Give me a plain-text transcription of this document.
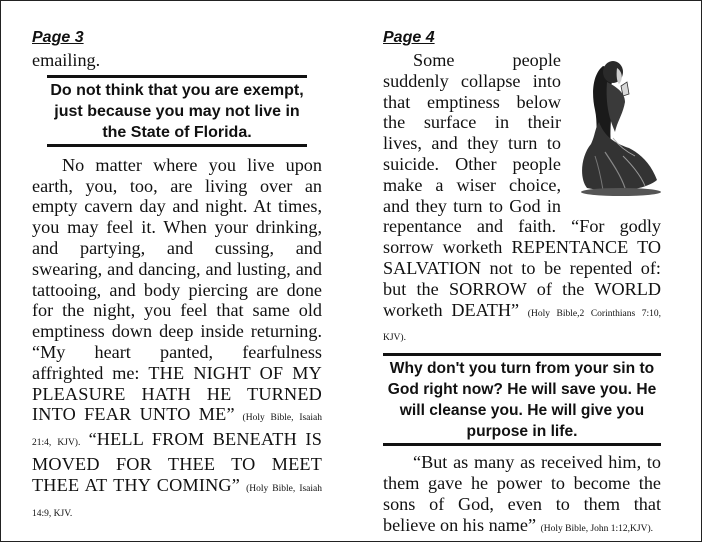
Page 3

emailing.

Do not think that you are exempt, just because you may not live in the State of Florida.

No matter where you live upon earth, you, too, are living over an empty cavern day and night. At times, you may feel it. When your drinking, and partying, and cussing, and swearing, and dancing, and lusting, and tattooing, and body piercing are done for the night, you feel that same old emptiness down deep inside returning. “My heart panted, fearfulness affrighted me: THE NIGHT OF MY PLEASURE HATH HE TURNED INTO FEAR UNTO ME” (Holy Bible, Isaiah 21:4, KJV). “HELL FROM BENEATH IS MOVED FOR THEE TO MEET THEE AT THY COMING” (Holy Bible, Isaiah 14:9, KJV.

Page 4

Some people suddenly collapse into that emptiness below the surface in their lives, and they turn to suicide. Other people make a wiser choice, and they turn to God in repentance and faith. “For godly sorrow worketh REPENTANCE TO SALVATION not to be repented of: but the SORROW of the WORLD worketh DEATH” (Holy Bible,2 Corinthians 7:10, KJV).

Why don't you turn from your sin to God right now? He will save you. He will cleanse you. He will give you purpose in life.

“But as many as received him, to them gave he power to become the sons of God, even to them that believe on his name” (Holy Bible, John 1:12,KJV).
